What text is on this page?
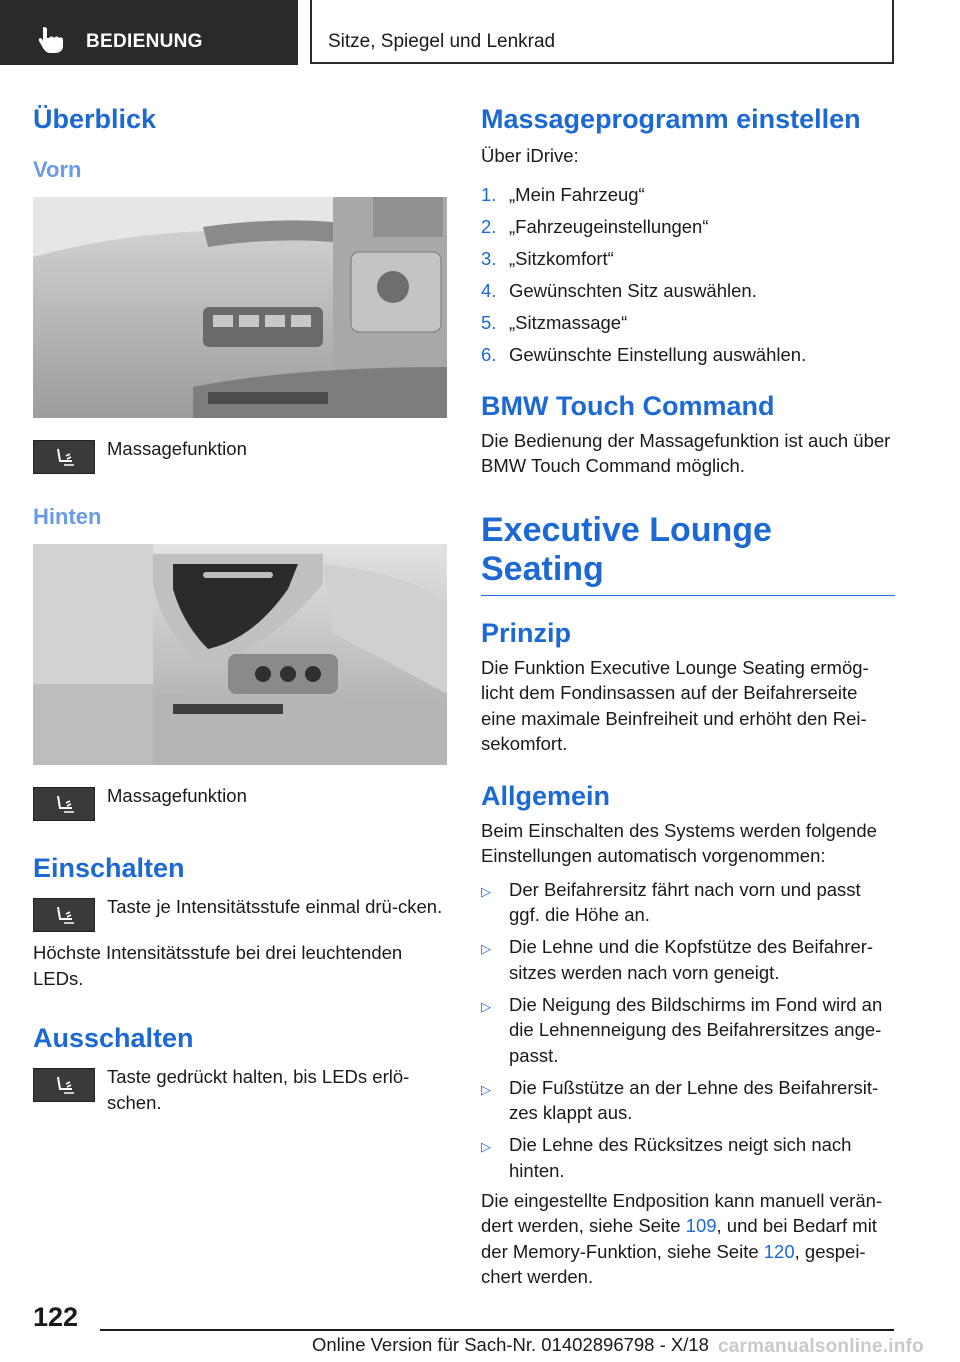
BEDIENUNG	Sitze, Spiegel und Lenkrad
Überblick
Vorn
Massagefunktion
Hinten
Massagefunktion
Einschalten
Taste je Intensitätsstufe einmal drü-cken.

Höchste Intensitätsstufe bei drei leuchtenden LEDs.

Ausschalten
Taste gedrückt halten, bis LEDs erlö-schen.
Massageprogramm einstellen

Über iDrive:

1. „Mein Fahrzeug“
2. „Fahrzeugeinstellungen“
3. „Sitzkomfort“
4. Gewünschten Sitz auswählen.
5. „Sitzmassage“
6. Gewünschte Einstellung auswählen.
BMW Touch Command

Die Bedienung der Massagefunktion ist auch über BMW Touch Command möglich.

Executive Lounge Seating
Prinzip

Die Funktion Executive Lounge Seating ermög-licht dem Fondinsassen auf der Beifahrerseite eine maximale Beinfreiheit und erhöht den Rei-sekomfort.

Allgemein

Beim Einschalten des Systems werden folgende Einstellungen automatisch vorgenommen:

▷ Der Beifahrersitz fährt nach vorn und passt ggf. die Höhe an.
▷ Die Lehne und die Kopfstütze des Beifahrer-sitzes werden nach vorn geneigt.
▷ Die Neigung des Bildschirms im Fond wird an die Lehnenneigung des Beifahrersitzes ange-passt.
▷ Die Fußstütze an der Lehne des Beifahrersit-zes klappt aus.
▷ Die Lehne des Rücksitzes neigt sich nach hinten.

Die eingestellte Endposition kann manuell verän-dert werden, siehe Seite 109, und bei Bedarf mit der Memory-Funktion, siehe Seite 120, gespei-chert werden.

122
Online Version für Sach-Nr. 01402896798 - X/18 carmanualsonline.info
